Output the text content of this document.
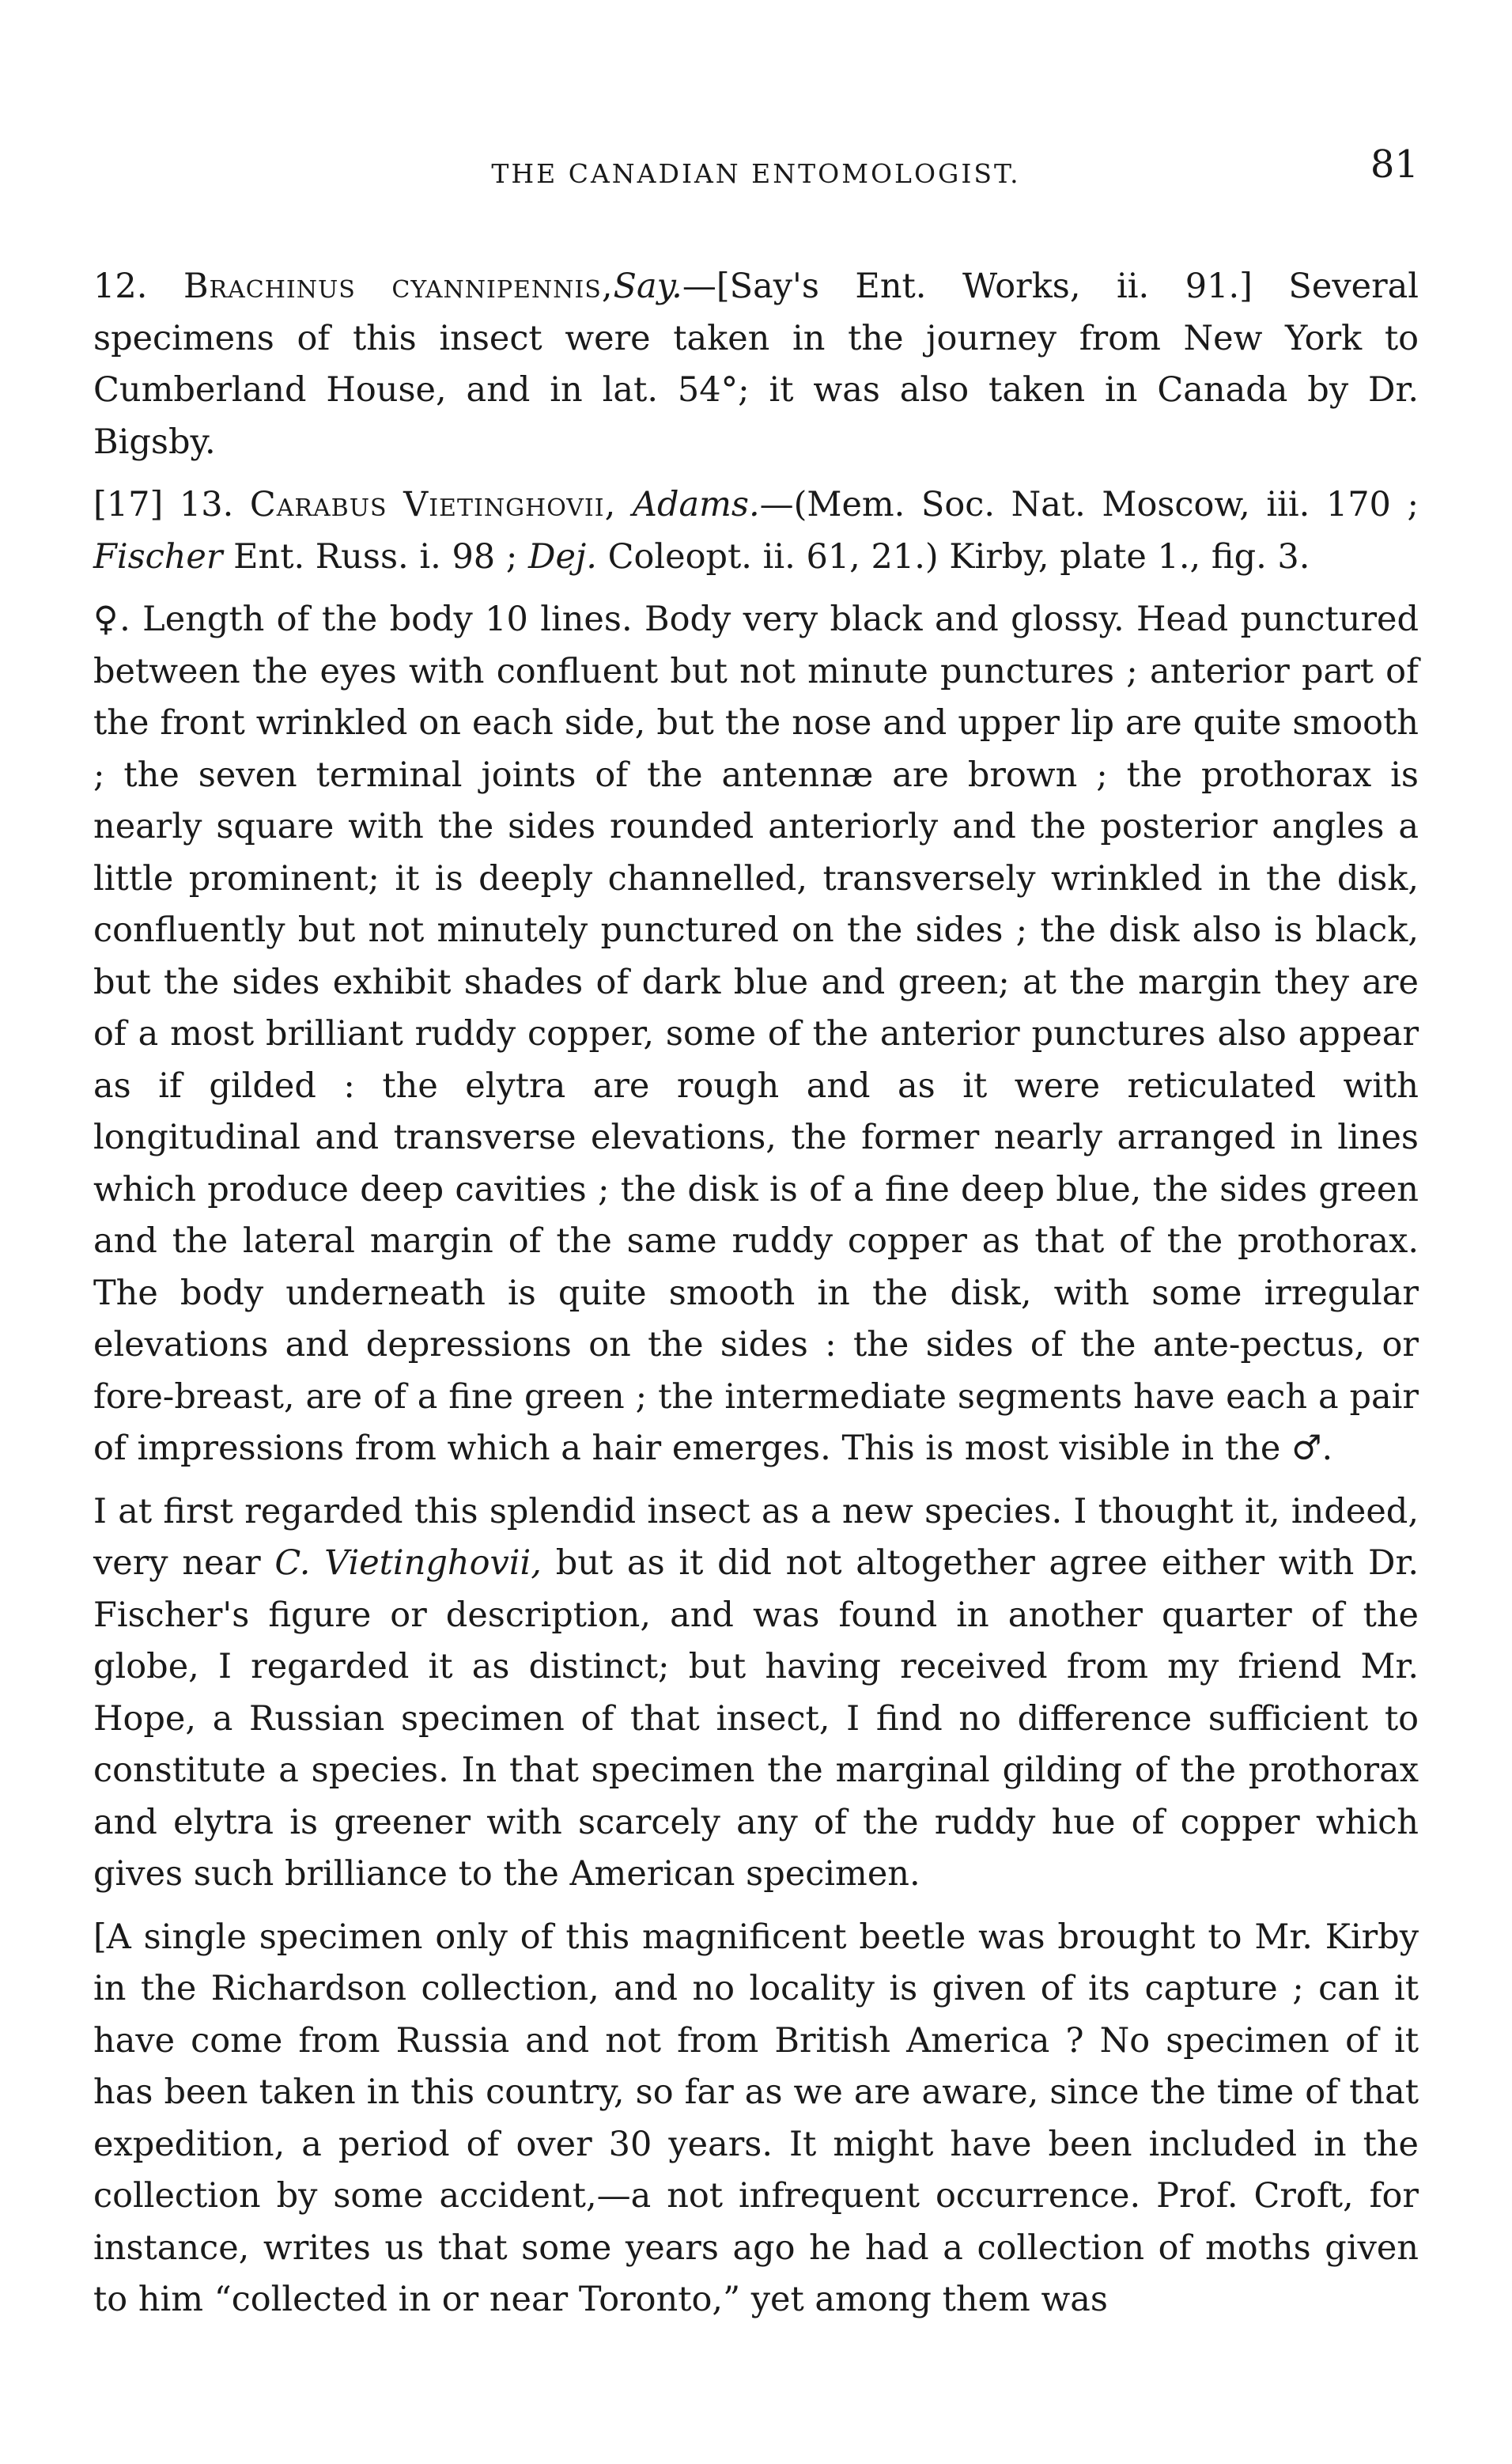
THE CANADIAN ENTOMOLOGIST.	81

12. Brachinus cyannipennis,Say.—[Say's Ent. Works, ii. 91.] Several specimens of this insect were taken in the journey from New York to Cumberland House, and in lat. 54°; it was also taken in Canada by Dr. Bigsby.

[17] 13. Carabus Vietinghovii, Adams.—(Mem. Soc. Nat. Moscow, iii. 170 ; Fischer Ent. Russ. i. 98 ; Dej. Coleopt. ii. 61, 21.) Kirby, plate 1., fig. 3.

♀. Length of the body 10 lines. Body very black and glossy. Head punctured between the eyes with confluent but not minute punctures ; anterior part of the front wrinkled on each side, but the nose and upper lip are quite smooth ; the seven terminal joints of the antennæ are brown ; the prothorax is nearly square with the sides rounded anteriorly and the posterior angles a little prominent; it is deeply channelled, transversely wrinkled in the disk, confluently but not minutely punctured on the sides ; the disk also is black, but the sides exhibit shades of dark blue and green; at the margin they are of a most brilliant ruddy copper, some of the anterior punctures also appear as if gilded : the elytra are rough and as it were reticulated with longitudinal and transverse elevations, the former nearly arranged in lines which produce deep cavities ; the disk is of a fine deep blue, the sides green and the lateral margin of the same ruddy copper as that of the prothorax. The body underneath is quite smooth in the disk, with some irregular elevations and depressions on the sides : the sides of the ante-pectus, or fore-breast, are of a fine green ; the intermediate segments have each a pair of impressions from which a hair emerges. This is most visible in the ♂.

I at first regarded this splendid insect as a new species. I thought it, indeed, very near C. Vietinghovii, but as it did not altogether agree either with Dr. Fischer's figure or description, and was found in another quarter of the globe, I regarded it as distinct; but having received from my friend Mr. Hope, a Russian specimen of that insect, I find no difference sufficient to constitute a species. In that specimen the marginal gilding of the prothorax and elytra is greener with scarcely any of the ruddy hue of copper which gives such brilliance to the American specimen.

[A single specimen only of this magnificent beetle was brought to Mr. Kirby in the Richardson collection, and no locality is given of its capture ; can it have come from Russia and not from British America ? No specimen of it has been taken in this country, so far as we are aware, since the time of that expedition, a period of over 30 years. It might have been included in the collection by some accident,—a not infrequent occurrence. Prof. Croft, for instance, writes us that some years ago he had a collection of moths given to him “collected in or near Toronto,” yet among them was
